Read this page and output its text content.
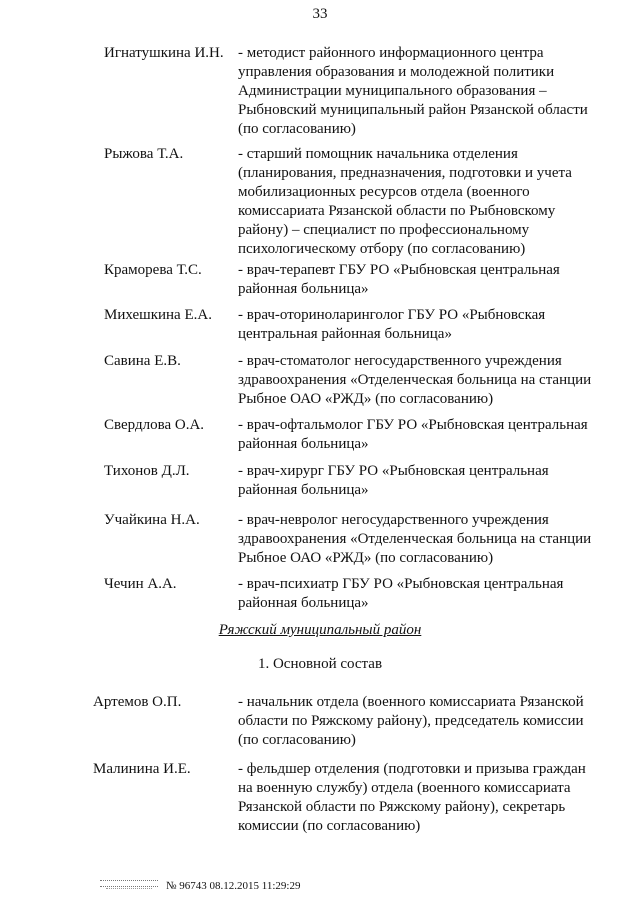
33
Игнатушкина И.Н. - методист районного информационного центра управления образования и молодежной политики Администрации муниципального образования – Рыбновский муниципальный район Рязанской области (по согласованию)
Рыжова Т.А.	- старший помощник начальника отделения (планирования, предназначения, подготовки и учета мобилизационных ресурсов отдела (военного комиссариата Рязанской области по Рыбновскому району) – специалист по профессиональному психологическому отбору (по согласованию)
Краморева Т.С. - врач-терапевт ГБУ РО «Рыбновская центральная районная больница»
Михешкина Е.А. - врач-оториноларинголог ГБУ РО «Рыбновская центральная районная больница»
Савина Е.В.	- врач-стоматолог негосударственного учреждения здравоохранения «Отделенческая больница на станции Рыбное ОАО «РЖД» (по согласованию)
Свердлова О.А. - врач-офтальмолог ГБУ РО «Рыбновская центральная районная больница»
Тихонов Д.Л.	- врач-хирург ГБУ РО «Рыбновская центральная районная больница»
Учайкина Н.А.	- врач-невролог негосударственного учреждения здравоохранения «Отделенческая больница на станции Рыбное ОАО «РЖД» (по согласованию)
Чечин А.А.	- врач-психиатр ГБУ РО «Рыбновская центральная районная больница»
Ряжский муниципальный район
1. Основной состав
Артемов О.П.	- начальник отдела (военного комиссариата Рязанской области по Ряжскому району), председатель комиссии (по согласованию)
Малинина И.Е.	- фельдшер отделения (подготовки и призыва граждан на военную службу) отдела (военного комиссариата Рязанской области по Ряжскому району), секретарь комиссии (по согласованию)
№ 96743 08.12.2015 11:29:29
